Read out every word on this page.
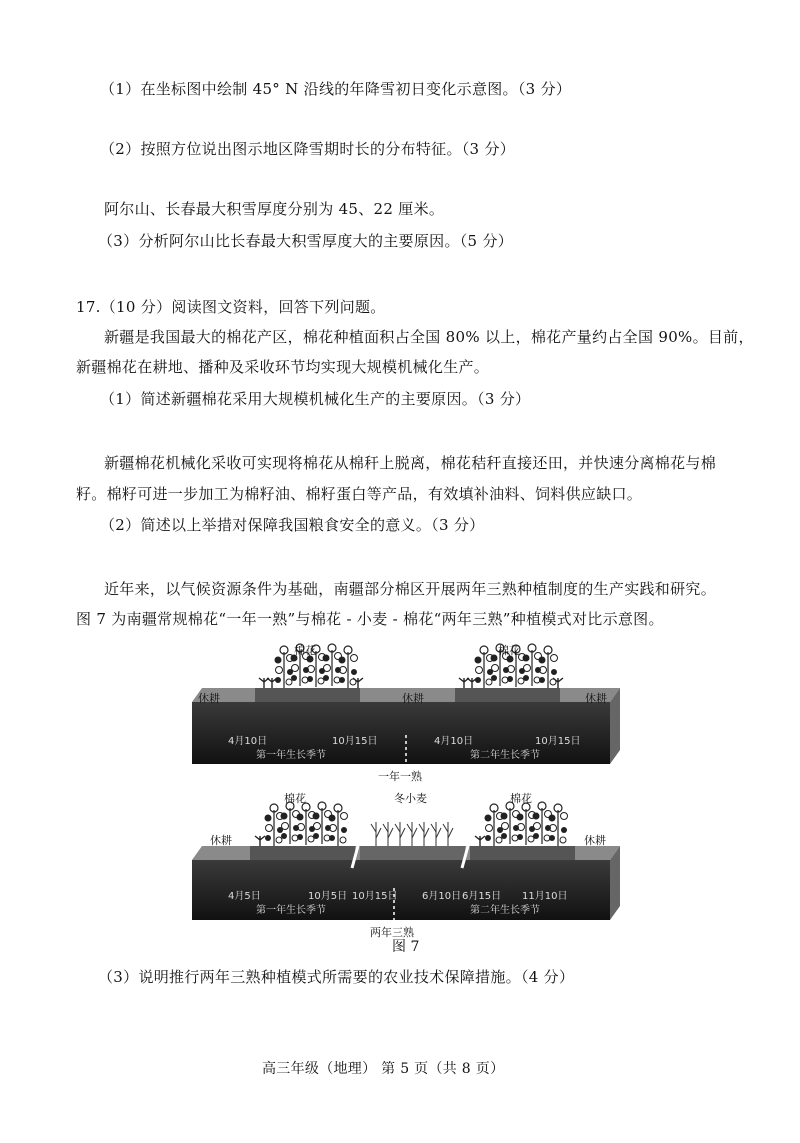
（1）在坐标图中绘制 45° N 沿线的年降雪初日变化示意图。（3 分）
（2）按照方位说出图示地区降雪期时长的分布特征。（3 分）
阿尔山、长春最大积雪厚度分别为 45、22 厘米。
（3）分析阿尔山比长春最大积雪厚度大的主要原因。（5 分）
17.（10 分）阅读图文资料，回答下列问题。
新疆是我国最大的棉花产区，棉花种植面积占全国 80% 以上，棉花产量约占全国 90%。目前，
新疆棉花在耕地、播种及采收环节均实现大规模机械化生产。
（1）简述新疆棉花采用大规模机械化生产的主要原因。（3 分）
新疆棉花机械化采收可实现将棉花从棉秆上脱离，棉花秸秆直接还田，并快速分离棉花与棉
籽。棉籽可进一步加工为棉籽油、棉籽蛋白等产品，有效填补油料、饲料供应缺口。
（2）简述以上举措对保障我国粮食安全的意义。（3 分）
近年来，以气候资源条件为基础，南疆部分棉区开展两年三熟种植制度的生产实践和研究。
图 7 为南疆常规棉花“一年一熟”与棉花 - 小麦 - 棉花“两年三熟”种植模式对比示意图。
休耕	休耕	休耕
棉花	棉花
4月10日	10月15日	4月10日	10月15日
第一年生长季节	第二年生长季节
一年一熟
休耕	休耕
棉花	冬小麦	棉花
4月5日	10月5日 10月15日 6月10日 6月15日 11月10日
第一年生长季节	第二年生长季节
两年三熟
图 7
（3）说明推行两年三熟种植模式所需要的农业技术保障措施。（4 分）
高三年级（地理） 第 5 页（共 8 页）
